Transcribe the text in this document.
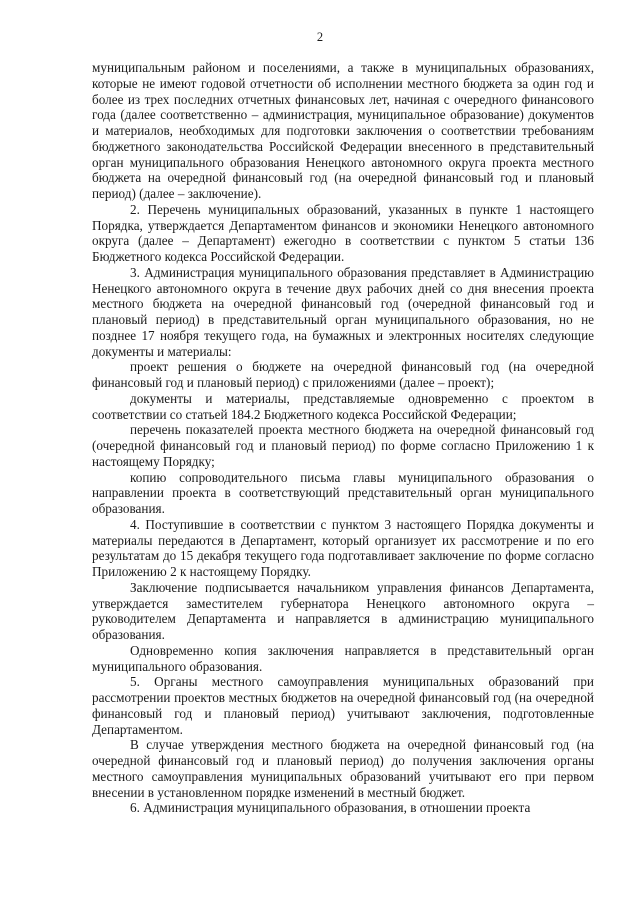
2

муниципальным районом и поселениями, а также в муниципальных образованиях, которые не имеют годовой отчетности об исполнении местного бюджета за один год и более из трех последних отчетных финансовых лет, начиная с очередного финансового года (далее соответственно – администрация, муниципальное образование) документов и материалов, необходимых для подготовки заключения о соответствии требованиям бюджетного законодательства Российской Федерации внесенного в представительный орган муниципального образования Ненецкого автономного округа проекта местного бюджета на очередной финансовый год (на очередной финансовый год и плановый период) (далее – заключение).

2. Перечень муниципальных образований, указанных в пункте 1 настоящего Порядка, утверждается Департаментом финансов и экономики Ненецкого автономного округа (далее – Департамент) ежегодно в соответствии с пунктом 5 статьи 136 Бюджетного кодекса Российской Федерации.

3. Администрация муниципального образования представляет в Администрацию Ненецкого автономного округа в течение двух рабочих дней со дня внесения проекта местного бюджета на очередной финансовый год (очередной финансовый год и плановый период) в представительный орган муниципального образования, но не позднее 17 ноября текущего года, на бумажных и электронных носителях следующие документы и материалы:

проект решения о бюджете на очередной финансовый год (на очередной финансовый год и плановый период) с приложениями (далее – проект);

документы и материалы, представляемые одновременно с проектом в соответствии со статьей 184.2 Бюджетного кодекса Российской Федерации;

перечень показателей проекта местного бюджета на очередной финансовый год (очередной финансовый год и плановый период) по форме согласно Приложению 1 к настоящему Порядку;

копию сопроводительного письма главы муниципального образования о направлении проекта в соответствующий представительный орган муниципального образования.

4. Поступившие в соответствии с пунктом 3 настоящего Порядка документы и материалы передаются в Департамент, который организует их рассмотрение и по его результатам до 15 декабря текущего года подготавливает заключение по форме согласно Приложению 2 к настоящему Порядку.

Заключение подписывается начальником управления финансов Департамента, утверждается заместителем губернатора Ненецкого автономного округа – руководителем Департамента и направляется в администрацию муниципального образования.

Одновременно копия заключения направляется в представительный орган муниципального образования.

5. Органы местного самоуправления муниципальных образований при рассмотрении проектов местных бюджетов на очередной финансовый год (на очередной финансовый год и плановый период) учитывают заключения, подготовленные Департаментом.

В случае утверждения местного бюджета на очередной финансовый год (на очередной финансовый год и плановый период) до получения заключения органы местного самоуправления муниципальных образований учитывают его при первом внесении в установленном порядке изменений в местный бюджет.

6. Администрация муниципального образования, в отношении проекта
